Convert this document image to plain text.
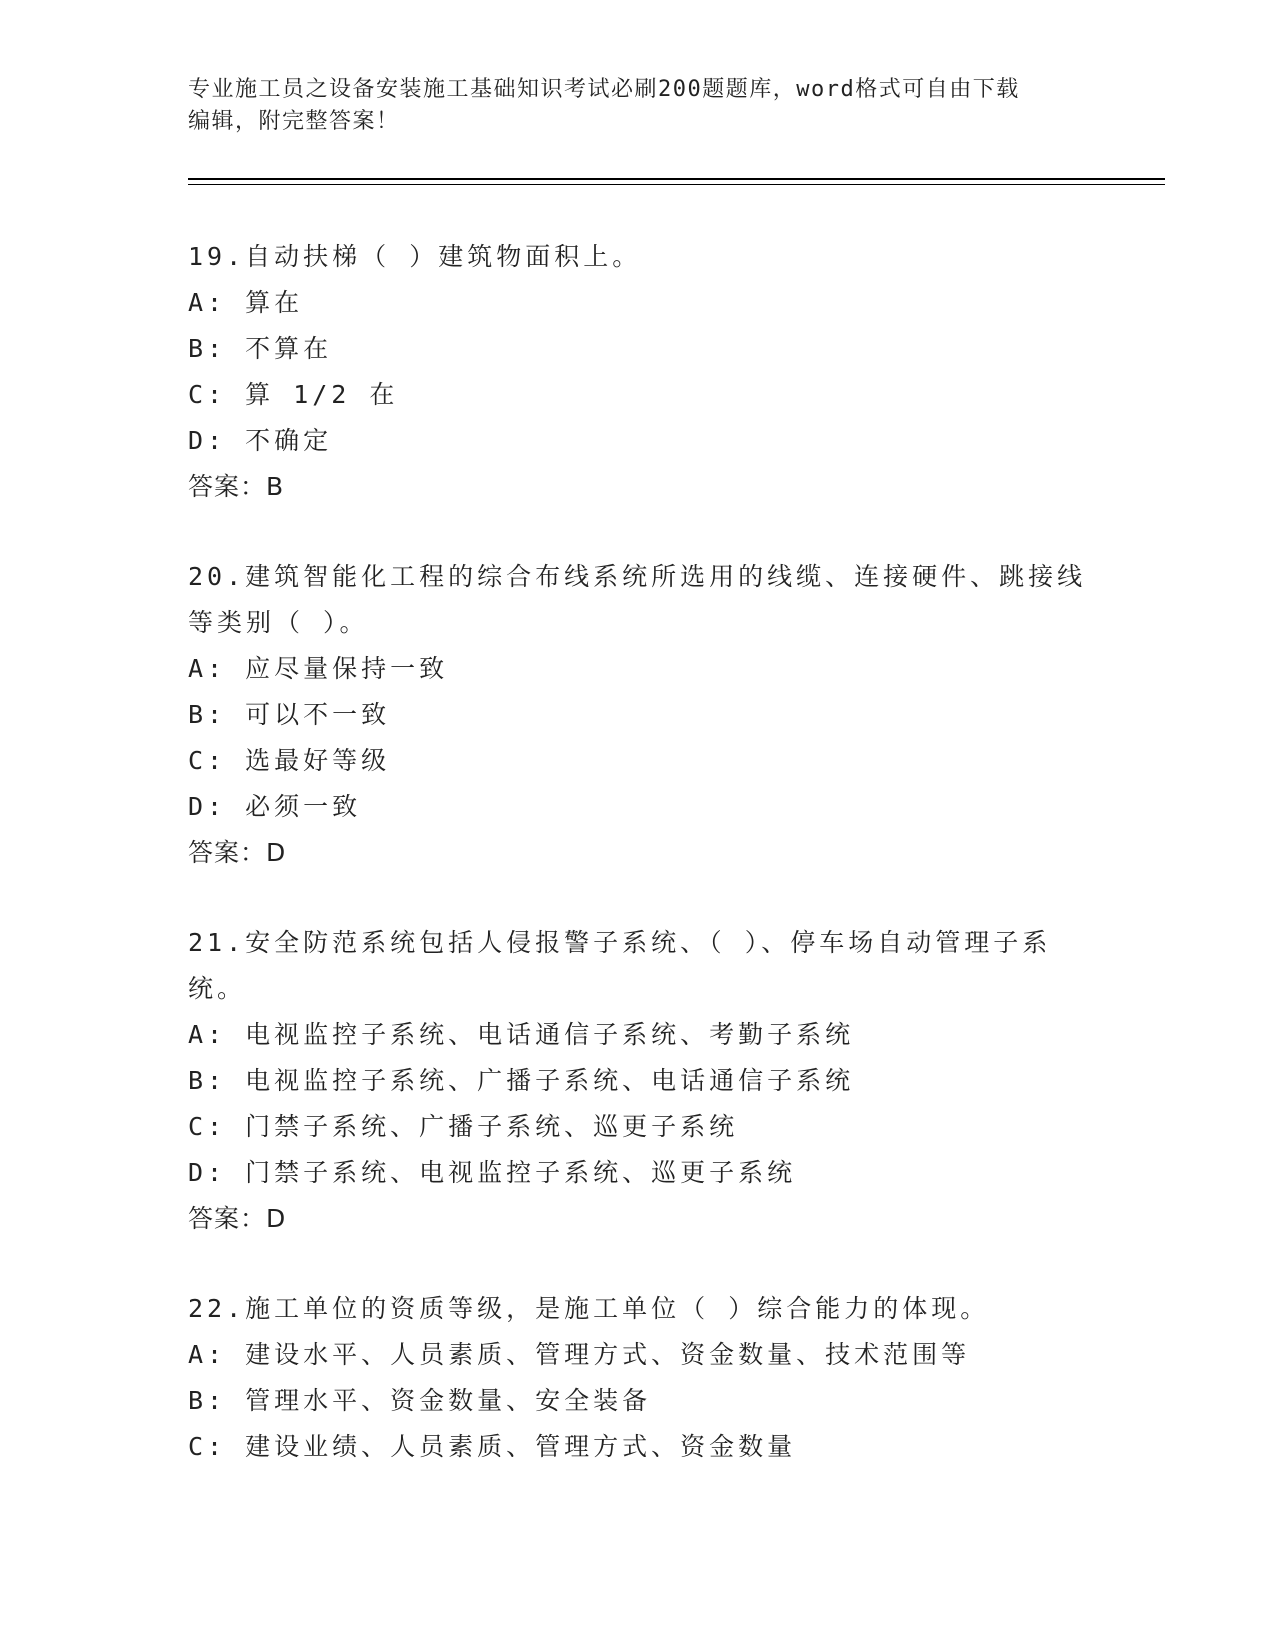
专业施工员之设备安装施工基础知识考试必刷200题题库，word格式可自由下载
编辑，附完整答案！
19.自动扶梯（ ）建筑物面积上。
A: 算在
B: 不算在
C: 算 1/2 在
D: 不确定
答案：B
20.建筑智能化工程的综合布线系统所选用的线缆、连接硬件、跳接线等类别（ ）。
A: 应尽量保持一致
B: 可以不一致
C: 选最好等级
D: 必须一致
答案：D
21.安全防范系统包括人侵报警子系统、（ ）、停车场自动管理子系统。
A: 电视监控子系统、电话通信子系统、考勤子系统
B: 电视监控子系统、广播子系统、电话通信子系统
C: 门禁子系统、广播子系统、巡更子系统
D: 门禁子系统、电视监控子系统、巡更子系统
答案：D
22.施工单位的资质等级，是施工单位（ ）综合能力的体现。
A: 建设水平、人员素质、管理方式、资金数量、技术范围等
B: 管理水平、资金数量、安全装备
C: 建设业绩、人员素质、管理方式、资金数量
